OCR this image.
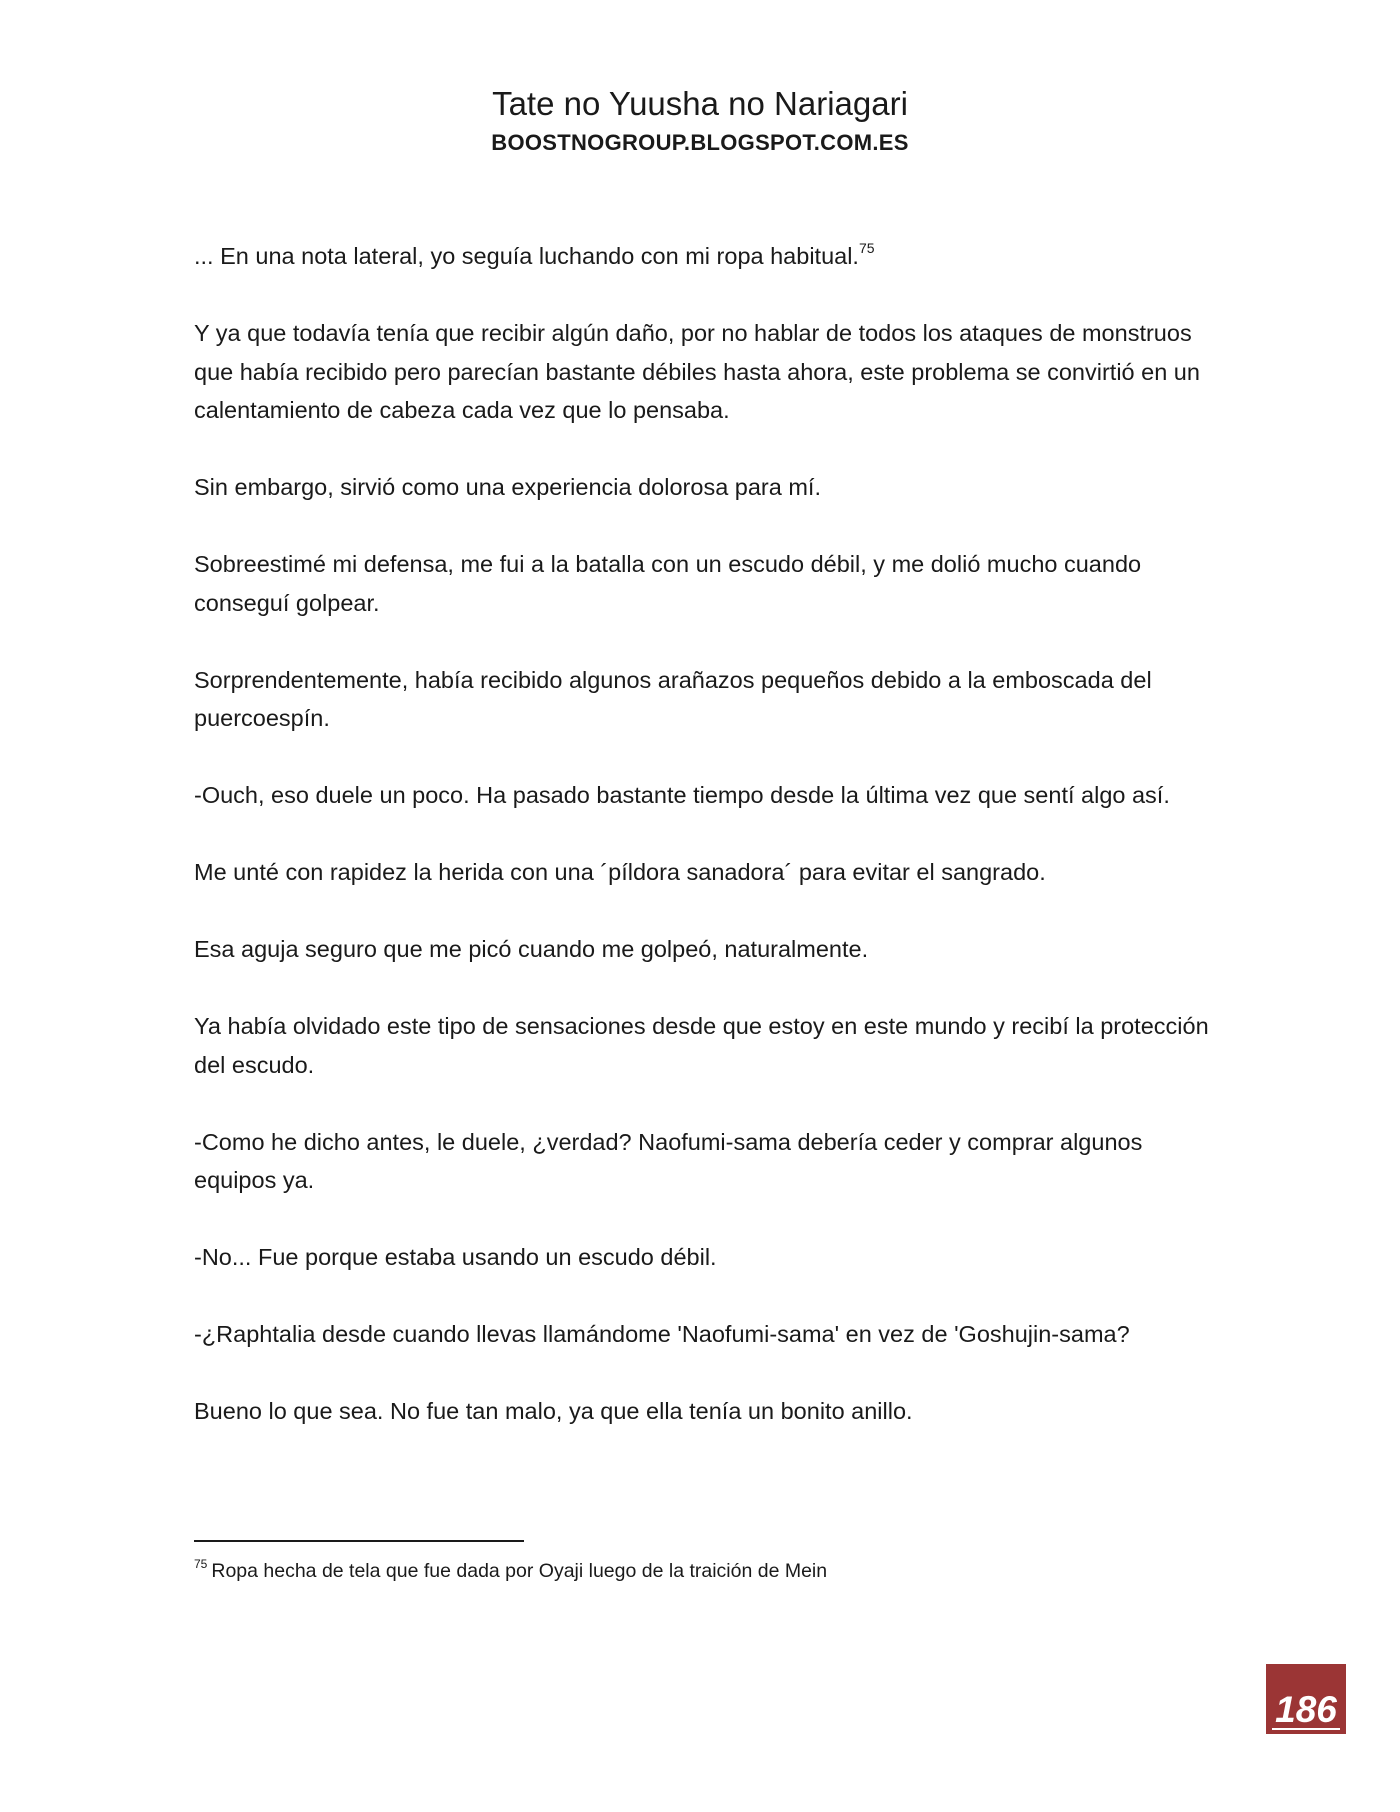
Tate no Yuusha no Nariagari
BOOSTNOGROUP.BLOGSPOT.COM.ES

... En una nota lateral, yo seguía luchando con mi ropa habitual.$^{75}$

Y ya que todavía tenía que recibir algún daño, por no hablar de todos los ataques de monstruos que había recibido pero parecían bastante débiles hasta ahora, este problema se convirtió en un calentamiento de cabeza cada vez que lo pensaba.

Sin embargo, sirvió como una experiencia dolorosa para mí.

Sobreestimé mi defensa, me fui a la batalla con un escudo débil, y me dolió mucho cuando conseguí golpear.

Sorprendentemente, había recibido algunos arañazos pequeños debido a la emboscada del puercoespín.

-Ouch, eso duele un poco. Ha pasado bastante tiempo desde la última vez que sentí algo así.

Me unté con rapidez la herida con una ´píldora sanadora´ para evitar el sangrado.

Esa aguja seguro que me picó cuando me golpeó, naturalmente.

Ya había olvidado este tipo de sensaciones desde que estoy en este mundo y recibí la protección del escudo.

-Como he dicho antes, le duele, ¿verdad? Naofumi-sama debería ceder y comprar algunos equipos ya.

-No... Fue porque estaba usando un escudo débil.

-¿Raphtalia desde cuando llevas llamándome 'Naofumi-sama' en vez de 'Goshujin-sama?

Bueno lo que sea. No fue tan malo, ya que ella tenía un bonito anillo.

$^{75}$ Ropa hecha de tela que fue dada por Oyaji luego de la traición de Mein
186
